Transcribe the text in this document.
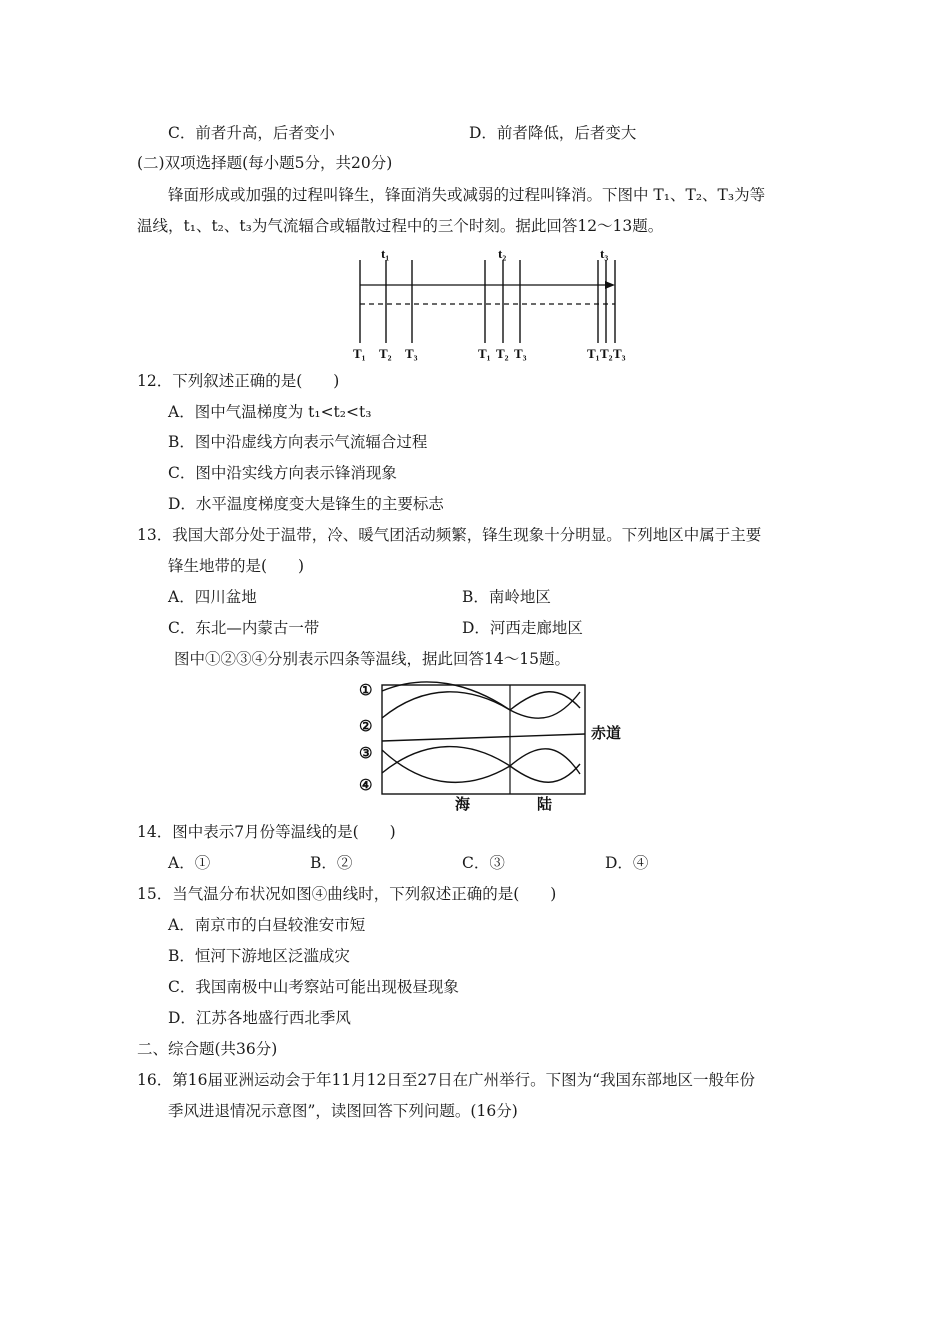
C．前者升高，后者变小	D．前者降低，后者变大
(二)双项选择题(每小题5分，共20分)
锋面形成或加强的过程叫锋生，锋面消失或减弱的过程叫锋消。下图中 T₁、T₂、T₃为等
温线，t₁、t₂、t₃为气流辐合或辐散过程中的三个时刻。据此回答12～13题。
t₁	t₂	t₃
T₁ T₂ T₃	T₁ T₂ T₃	T₁ T₂ T₃
12．下列叙述正确的是(　　)
A．图中气温梯度为 t₁<t₂<t₃
B．图中沿虚线方向表示气流辐合过程
C．图中沿实线方向表示锋消现象
D．水平温度梯度变大是锋生的主要标志
13．我国大部分处于温带，冷、暖气团活动频繁，锋生现象十分明显。下列地区中属于主要
锋生地带的是(　　)
A．四川盆地	B．南岭地区
C．东北—内蒙古一带	D．河西走廊地区
图中①②③④分别表示四条等温线，据此回答14～15题。
①
②
③
④
赤道
海	陆
14．图中表示7月份等温线的是(　　)
A．①	B．②	C．③	D．④
15．当气温分布状况如图④曲线时，下列叙述正确的是(　　)
A．南京市的白昼较淮安市短
B．恒河下游地区泛滥成灾
C．我国南极中山考察站可能出现极昼现象
D．江苏各地盛行西北季风
二、综合题(共36分)
16．第16届亚洲运动会于年11月12日至27日在广州举行。下图为“我国东部地区一般年份
季风进退情况示意图”，读图回答下列问题。(16分)
